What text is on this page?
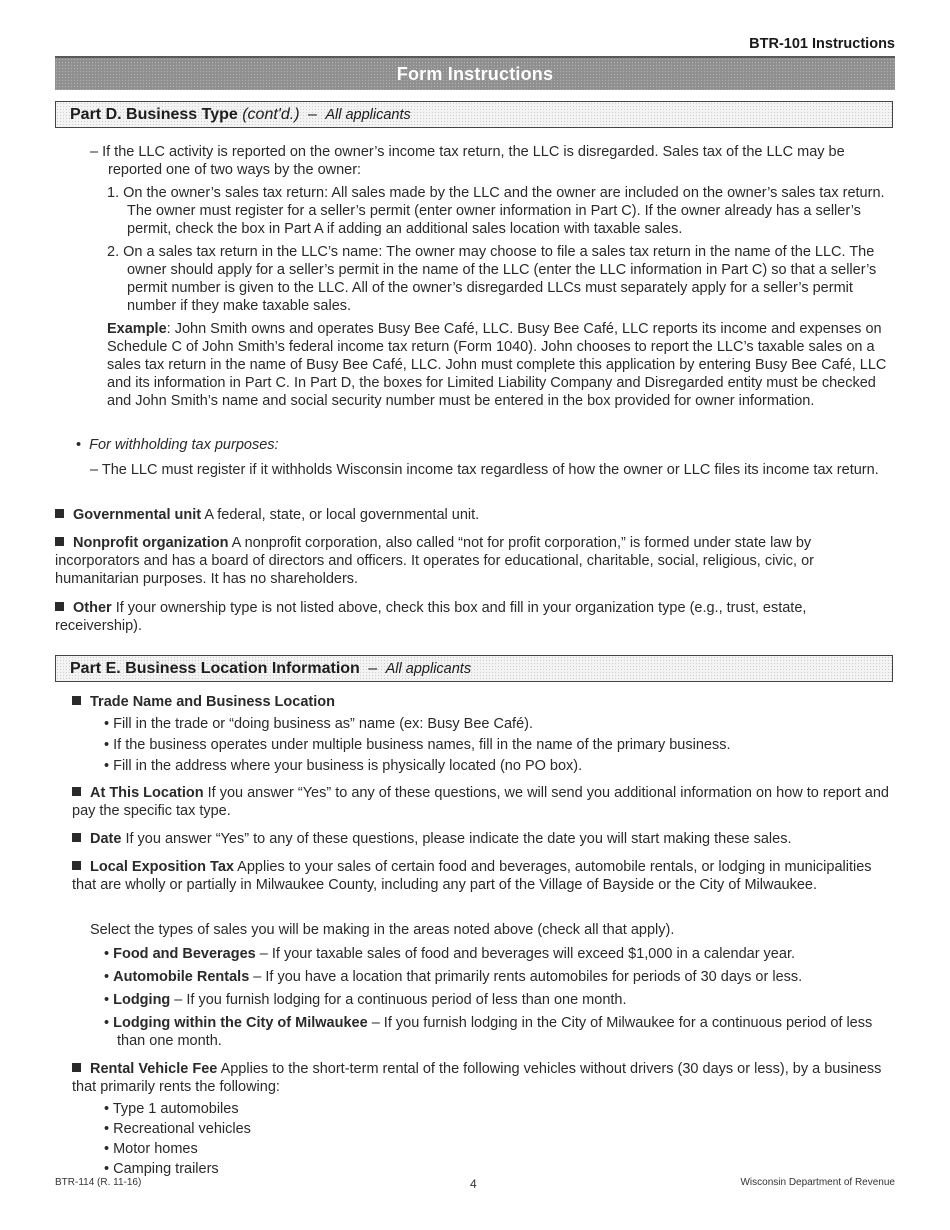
BTR-101 Instructions
Form Instructions
Part D. Business Type (cont'd.) – All applicants
– If the LLC activity is reported on the owner’s income tax return, the LLC is disregarded. Sales tax of the LLC may be reported one of two ways by the owner:
1. On the owner’s sales tax return: All sales made by the LLC and the owner are included on the owner’s sales tax return. The owner must register for a seller’s permit (enter owner information in Part C). If the owner already has a seller’s permit, check the box in Part A if adding an additional sales location with taxable sales.
2. On a sales tax return in the LLC’s name: The owner may choose to file a sales tax return in the name of the LLC. The owner should apply for a seller’s permit in the name of the LLC (enter the LLC information in Part C) so that a seller’s permit number is given to the LLC. All of the owner’s disregarded LLCs must separately apply for a seller’s permit number if they make taxable sales.
Example: John Smith owns and operates Busy Bee Café, LLC. Busy Bee Café, LLC reports its income and expenses on Schedule C of John Smith’s federal income tax return (Form 1040). John chooses to report the LLC’s taxable sales on a sales tax return in the name of Busy Bee Café, LLC. John must complete this application by entering Busy Bee Café, LLC and its information in Part C. In Part D, the boxes for Limited Liability Company and Disregarded entity must be checked and John Smith’s name and social security number must be entered in the box provided for owner information.
• For withholding tax purposes:
– The LLC must register if it withholds Wisconsin income tax regardless of how the owner or LLC files its income tax return.
Governmental unit A federal, state, or local governmental unit.
Nonprofit organization A nonprofit corporation, also called “not for profit corporation,” is formed under state law by incorporators and has a board of directors and officers. It operates for educational, charitable, social, religious, civic, or humanitarian purposes. It has no shareholders.
Other If your ownership type is not listed above, check this box and fill in your organization type (e.g., trust, estate, receivership).
Part E. Business Location Information – All applicants
Trade Name and Business Location
• Fill in the trade or “doing business as” name (ex: Busy Bee Café).
• If the business operates under multiple business names, fill in the name of the primary business.
• Fill in the address where your business is physically located (no PO box).
At This Location If you answer “Yes” to any of these questions, we will send you additional information on how to report and pay the specific tax type.
Date If you answer “Yes” to any of these questions, please indicate the date you will start making these sales.
Local Exposition Tax Applies to your sales of certain food and beverages, automobile rentals, or lodging in municipalities that are wholly or partially in Milwaukee County, including any part of the Village of Bayside or the City of Milwaukee.
Select the types of sales you will be making in the areas noted above (check all that apply).
• Food and Beverages – If your taxable sales of food and beverages will exceed $1,000 in a calendar year.
• Automobile Rentals – If you have a location that primarily rents automobiles for periods of 30 days or less.
• Lodging – If you furnish lodging for a continuous period of less than one month.
• Lodging within the City of Milwaukee – If you furnish lodging in the City of Milwaukee for a continuous period of less than one month.
Rental Vehicle Fee Applies to the short-term rental of the following vehicles without drivers (30 days or less), by a business that primarily rents the following:
• Type 1 automobiles
• Recreational vehicles
• Motor homes
• Camping trailers
BTR-114 (R. 11-16)	4	Wisconsin Department of Revenue
